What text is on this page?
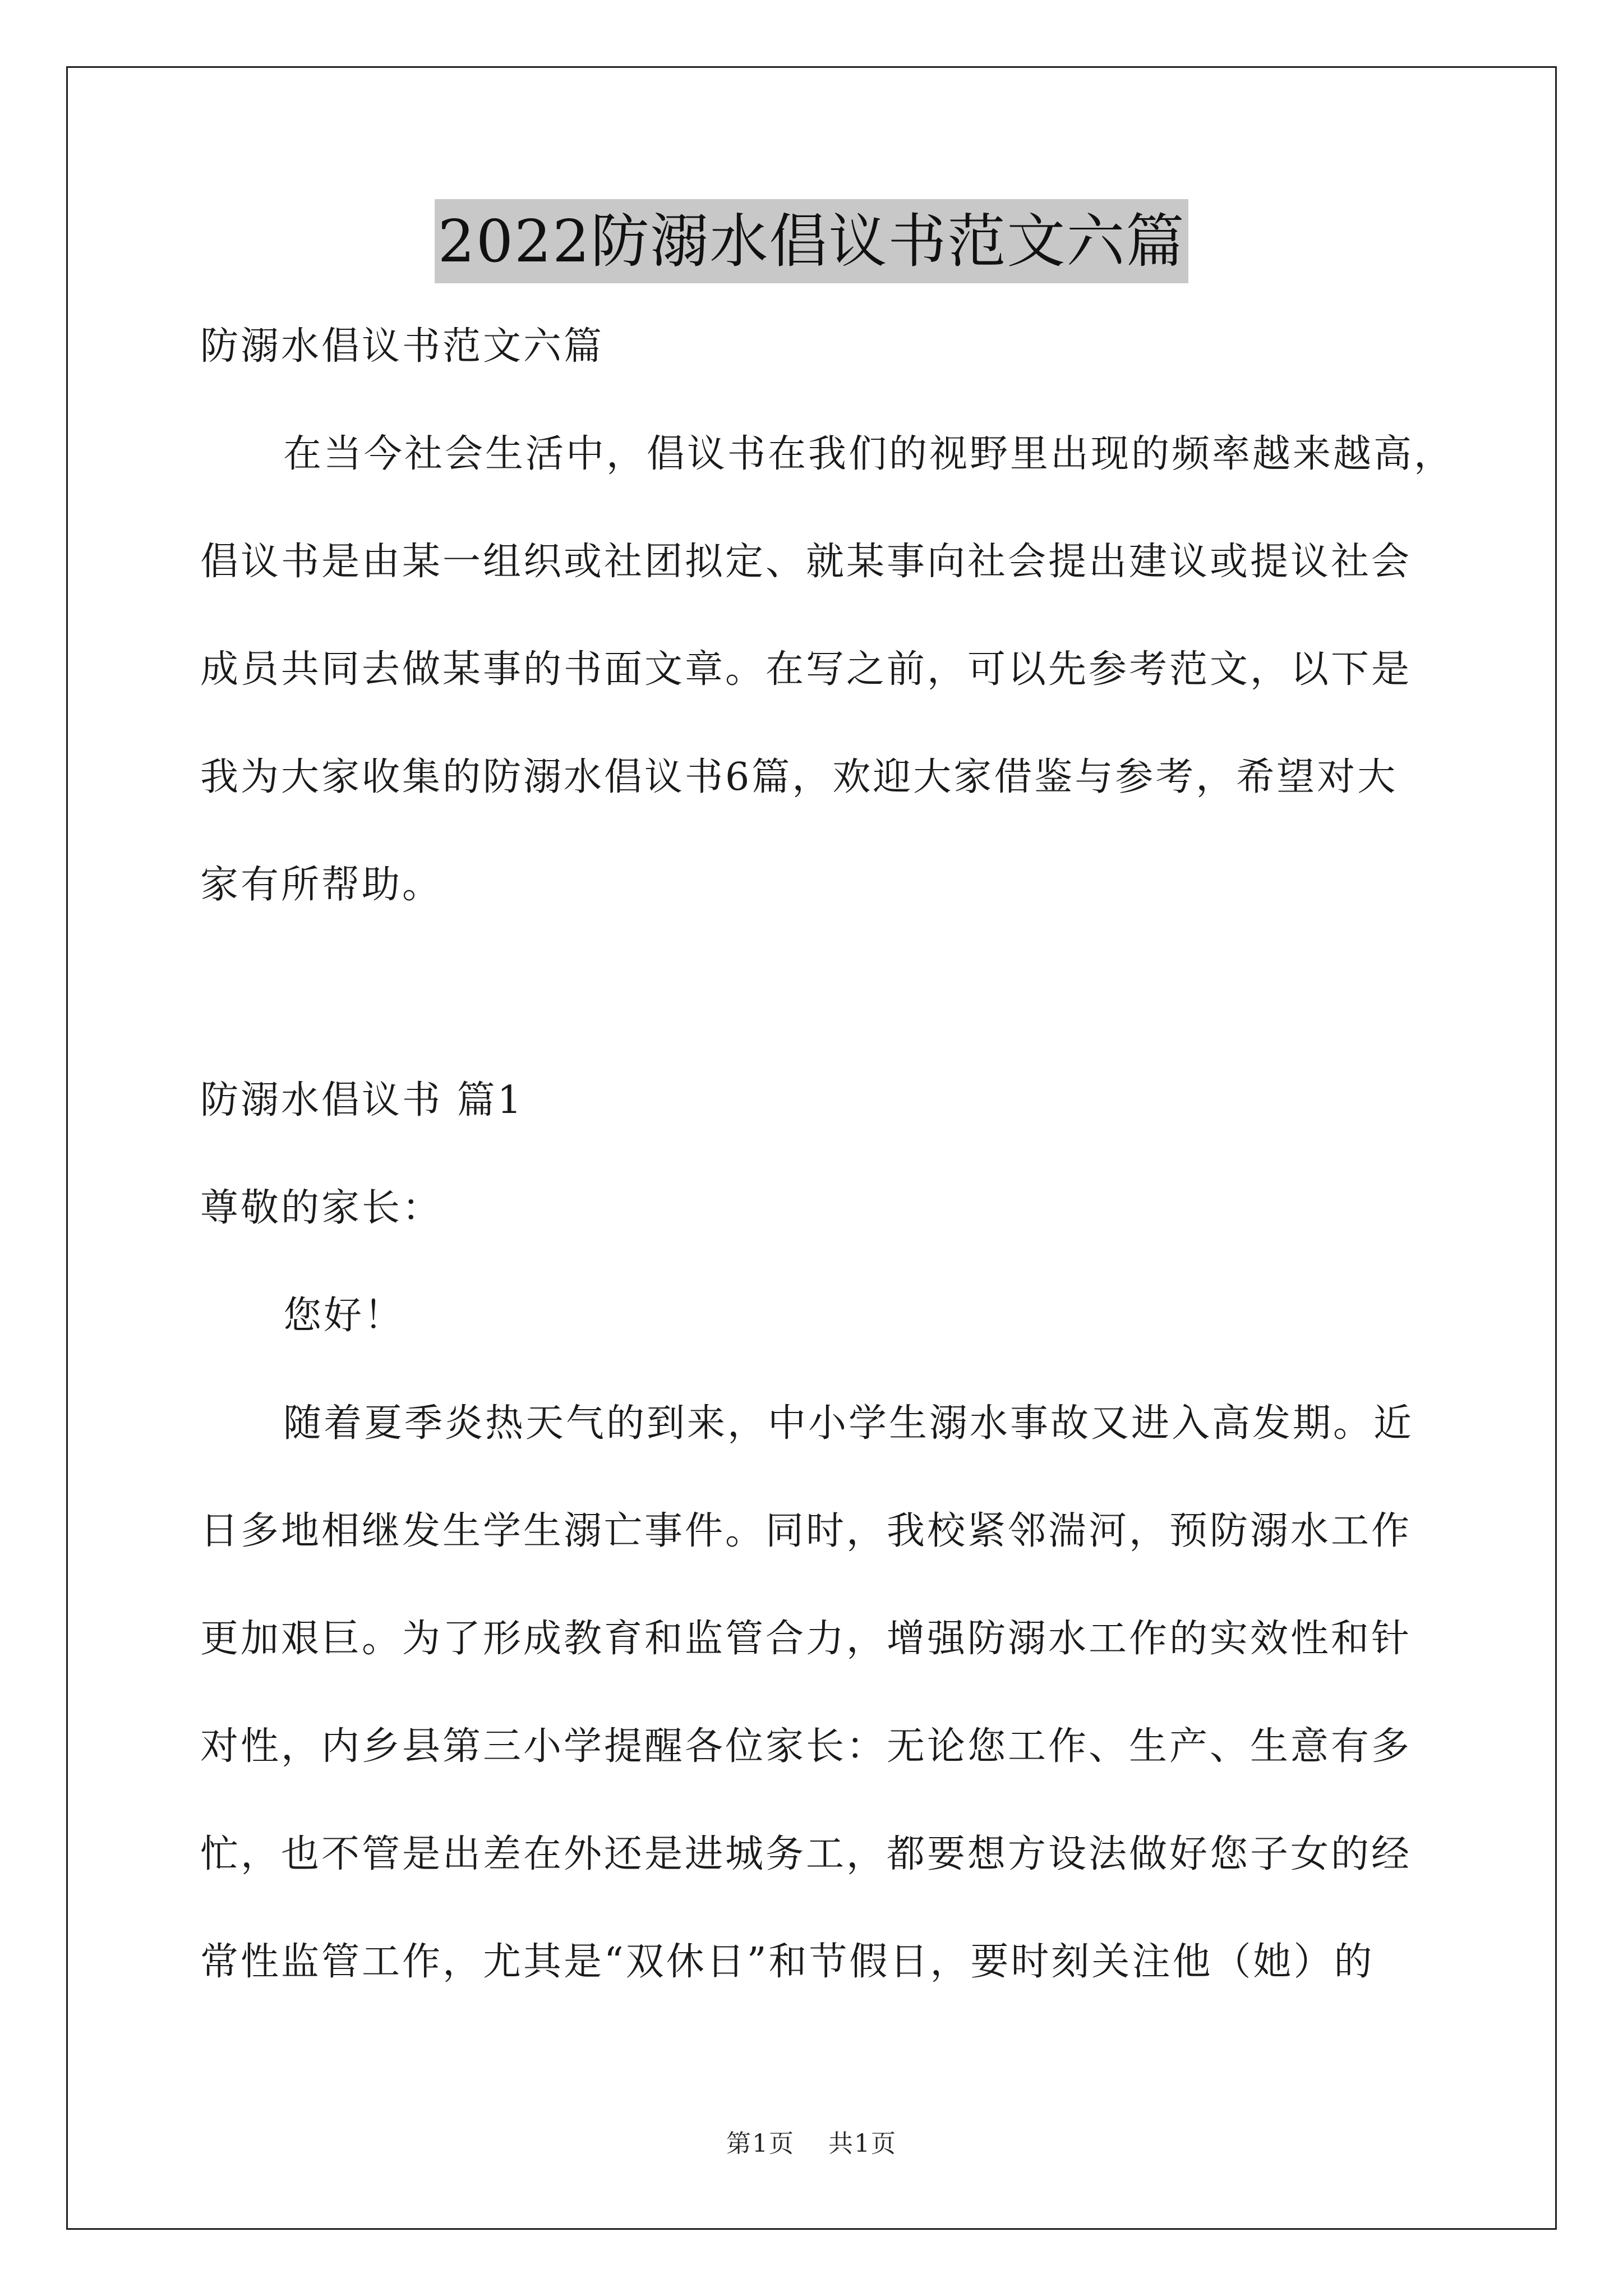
2022防溺水倡议书范文六篇
防溺水倡议书范文六篇
在当今社会生活中，倡议书在我们的视野里出现的频率越来越高，
倡议书是由某一组织或社团拟定、就某事向社会提出建议或提议社会
成员共同去做某事的书面文章。在写之前，可以先参考范文，以下是
我为大家收集的防溺水倡议书6篇，欢迎大家借鉴与参考，希望对大
家有所帮助。
防溺水倡议书 篇1
尊敬的家长：
您好！
随着夏季炎热天气的到来，中小学生溺水事故又进入高发期。近
日多地相继发生学生溺亡事件。同时，我校紧邻湍河，预防溺水工作
更加艰巨。为了形成教育和监管合力，增强防溺水工作的实效性和针
对性，内乡县第三小学提醒各位家长：无论您工作、生产、生意有多
忙，也不管是出差在外还是进城务工，都要想方设法做好您子女的经
常性监管工作，尤其是“双休日”和节假日，要时刻关注他（她）的
第1页 共1页
